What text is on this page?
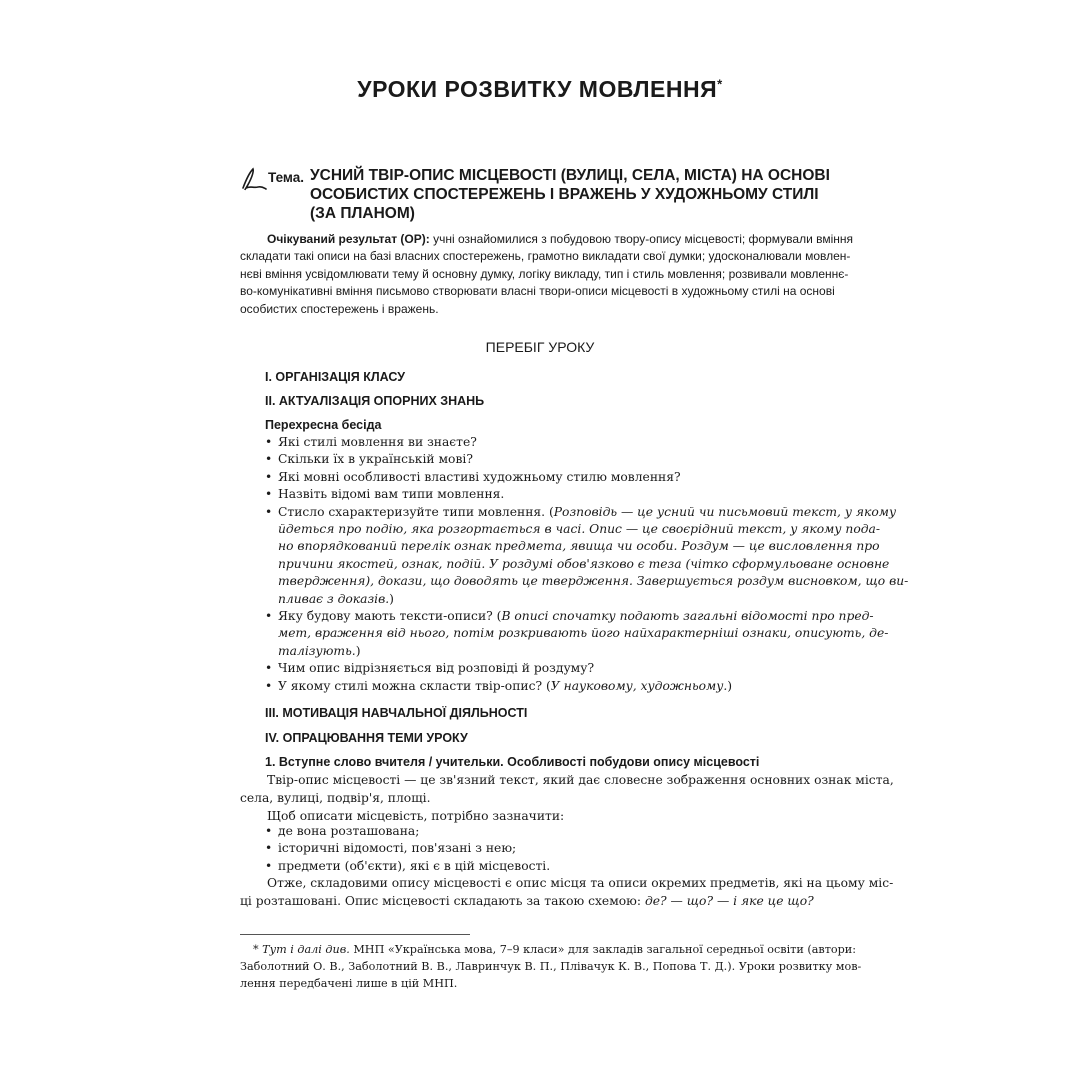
УРОКИ РОЗВИТКУ МОВЛЕННЯ*
Тема. УСНИЙ ТВІР-ОПИС МІСЦЕВОСТІ (ВУЛИЦІ, СЕЛА, МІСТА) НА ОСНОВІ
ОСОБИСТИХ СПОСТЕРЕЖЕНЬ І ВРАЖЕНЬ У ХУДОЖНЬОМУ СТИЛІ
(ЗА ПЛАНОМ)
Очікуваний результат (ОР): учні ознайомилися з побудовою твору-опису місцевості; формували вміння
складати такі описи на базі власних спостережень, грамотно викладати свої думки; удосконалювали мовлен-
нєві вміння усвідомлювати тему й основну думку, логіку викладу, тип і стиль мовлення; розвивали мовленнє-
во-комунікативні вміння письмово створювати власні твори-описи місцевості в художньому стилі на основі
особистих спостережень і вражень.
ПЕРЕБІГ УРОКУ
І. ОРГАНІЗАЦІЯ КЛАСУ
ІІ. АКТУАЛІЗАЦІЯ ОПОРНИХ ЗНАНЬ
Перехресна бесіда
• Які стилі мовлення ви знаєте?
• Скільки їх в українській мові?
• Які мовні особливості властиві художньому стилю мовлення?
• Назвіть відомі вам типи мовлення.
• Стисло схарактеризуйте типи мовлення. (Розповідь — це усний чи письмовий текст, у якому
йдеться про подію, яка розгортається в часі. Опис — це своєрідний текст, у якому пода-
но впорядкований перелік ознак предмета, явища чи особи. Роздум — це висловлення про
причини якостей, ознак, подій. У роздумі обов'язково є теза (чітко сформульоване основне
твердження), докази, що доводять це твердження. Завершується роздум висновком, що ви-
пливає з доказів.)
• Яку будову мають тексти-описи? (В описі спочатку подають загальні відомості про пред-
мет, враження від нього, потім розкривають його найхарактерніші ознаки, описують, де-
талізують.)
• Чим опис відрізняється від розповіді й роздуму?
• У якому стилі можна скласти твір-опис? (У науковому, художньому.)
ІІІ. МОТИВАЦІЯ НАВЧАЛЬНОЇ ДІЯЛЬНОСТІ
ІV. ОПРАЦЮВАННЯ ТЕМИ УРОКУ
1. Вступне слово вчителя / учительки. Особливості побудови опису місцевості
Твір-опис місцевості — це зв'язний текст, який дає словесне зображення основних ознак міста,
села, вулиці, подвір'я, площі.
Щоб описати місцевість, потрібно зазначити:
• де вона розташована;
• історичні відомості, пов'язані з нею;
• предмети (об'єкти), які є в цій місцевості.
Отже, складовими опису місцевості є опис місця та описи окремих предметів, які на цьому міс-
ці розташовані. Опис місцевості складають за такою схемою: де? — що? — і яке це що?
* Тут і далі див. МНП «Українська мова, 7–9 класи» для закладів загальної середньої освіти (автори:
Заболотний О. В., Заболотний В. В., Лавринчук В. П., Плівачук К. В., Попова Т. Д.). Уроки розвитку мов-
лення передбачені лише в цій МНП.
